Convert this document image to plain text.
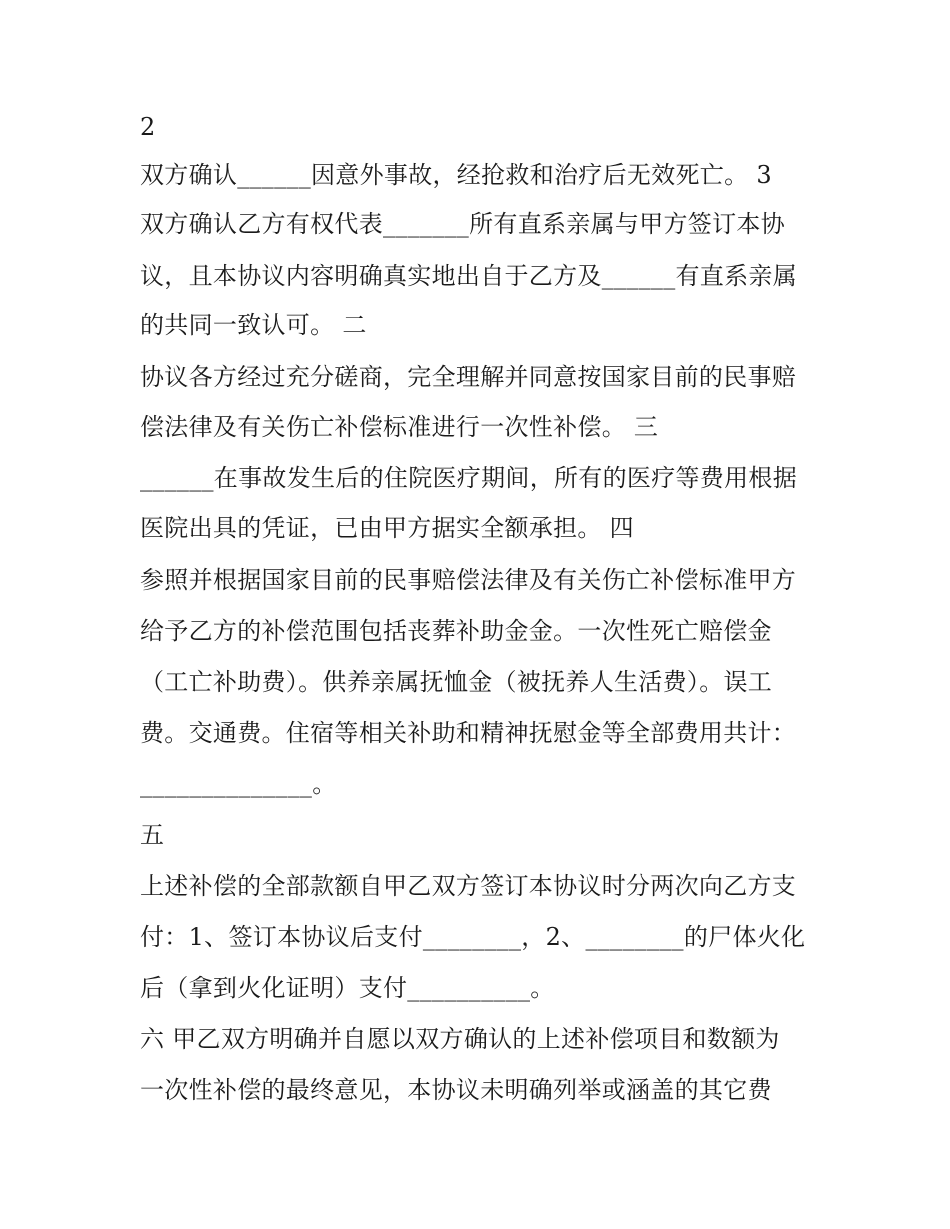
2

双方确认______因意外事故，经抢救和治疗后无效死亡。 3

双方确认乙方有权代表_______所有直系亲属与甲方签订本协

议，且本协议内容明确真实地出自于乙方及______有直系亲属

的共同一致认可。 二

协议各方经过充分磋商，完全理解并同意按国家目前的民事赔

偿法律及有关伤亡补偿标准进行一次性补偿。 三

______在事故发生后的住院医疗期间，所有的医疗等费用根据

医院出具的凭证，已由甲方据实全额承担。 四

参照并根据国家目前的民事赔偿法律及有关伤亡补偿标准甲方

给予乙方的补偿范围包括丧葬补助金金。一次性死亡赔偿金

（工亡补助费）。供养亲属抚恤金（被抚养人生活费）。误工

费。交通费。住宿等相关补助和精神抚慰金等全部费用共计：

______________。

五

上述补偿的全部款额自甲乙双方签订本协议时分两次向乙方支

付：1、签订本协议后支付________，2、________的尸体火化

后（拿到火化证明）支付__________。

六 甲乙双方明确并自愿以双方确认的上述补偿项目和数额为

一次性补偿的最终意见，本协议未明确列举或涵盖的其它费
